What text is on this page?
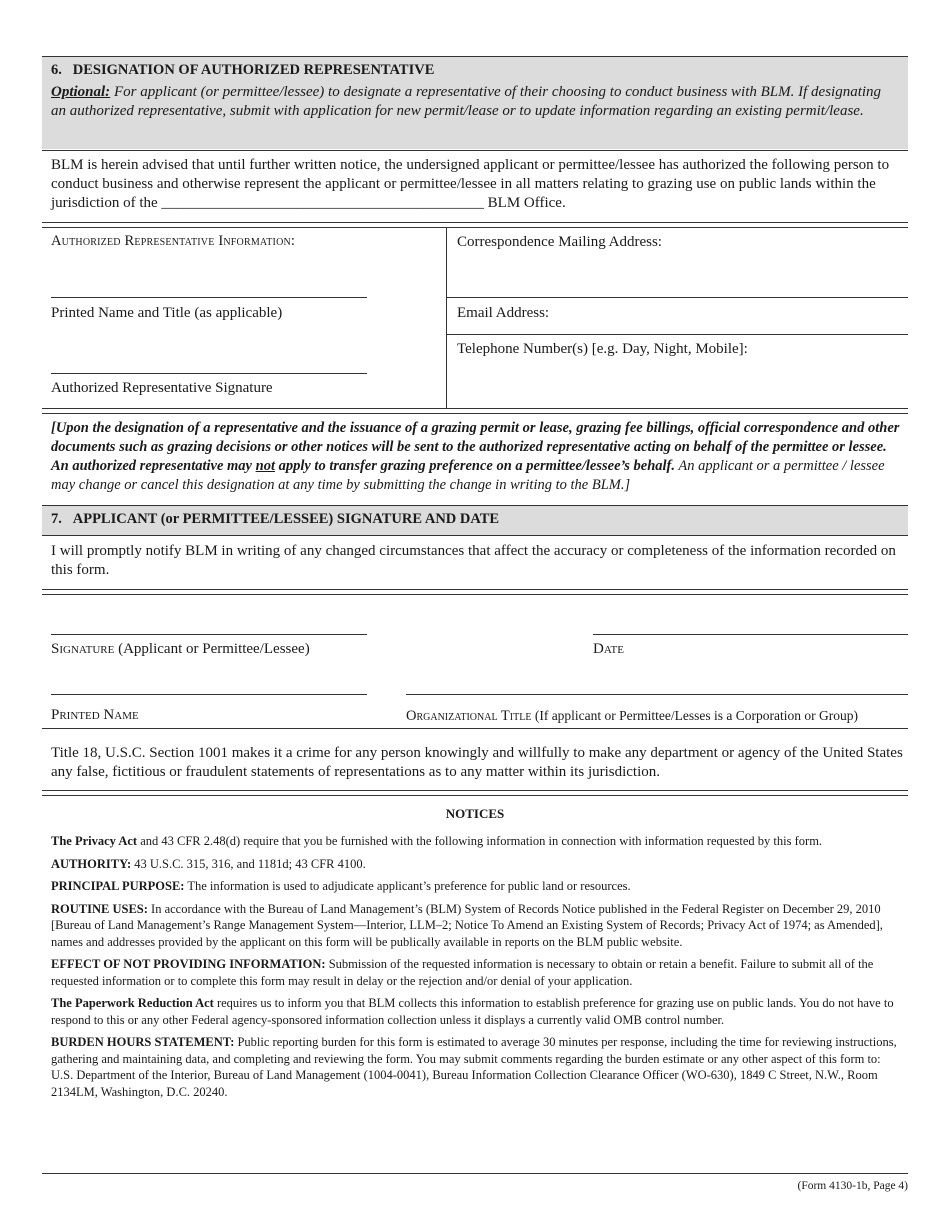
6. DESIGNATION OF AUTHORIZED REPRESENTATIVE
Optional: For applicant (or permittee/lessee) to designate a representative of their choosing to conduct business with BLM. If designating an authorized representative, submit with application for new permit/lease or to update information regarding an existing permit/lease.
BLM is herein advised that until further written notice, the undersigned applicant or permittee/lessee has authorized the following person to conduct business and otherwise represent the applicant or permittee/lessee in all matters relating to grazing use on public lands within the jurisdiction of the ___________________________________________ BLM Office.
Authorized Representative Information:
Printed Name and Title (as applicable)
Authorized Representative Signature
Correspondence Mailing Address:
Email Address:
Telephone Number(s) [e.g. Day, Night, Mobile]:
[Upon the designation of a representative and the issuance of a grazing permit or lease, grazing fee billings, official correspondence and other documents such as grazing decisions or other notices will be sent to the authorized representative acting on behalf of the permittee or lessee. An authorized representative may not apply to transfer grazing preference on a permittee/lessee’s behalf. An applicant or a permittee / lessee may change or cancel this designation at any time by submitting the change in writing to the BLM.]
7. APPLICANT (or PERMITTEE/LESSEE) SIGNATURE AND DATE
I will promptly notify BLM in writing of any changed circumstances that affect the accuracy or completeness of the information recorded on this form.
Signature (Applicant or Permittee/Lessee)	Date
Printed Name	Organizational Title (If applicant or Permittee/Lesses is a Corporation or Group)
Title 18, U.S.C. Section 1001 makes it a crime for any person knowingly and willfully to make any department or agency of the United States any false, fictitious or fraudulent statements of representations as to any matter within its jurisdiction.
NOTICES

The Privacy Act and 43 CFR 2.48(d) require that you be furnished with the following information in connection with information requested by this form.

AUTHORITY: 43 U.S.C. 315, 316, and 1181d; 43 CFR 4100.

PRINCIPAL PURPOSE: The information is used to adjudicate applicant’s preference for public land or resources.

ROUTINE USES: In accordance with the Bureau of Land Management’s (BLM) System of Records Notice published in the Federal Register on December 29, 2010 [Bureau of Land Management’s Range Management System—Interior, LLM–2; Notice To Amend an Existing System of Records; Privacy Act of 1974; as Amended], names and addresses provided by the applicant on this form will be publically available in reports on the BLM public website.

EFFECT OF NOT PROVIDING INFORMATION: Submission of the requested information is necessary to obtain or retain a benefit. Failure to submit all of the requested information or to complete this form may result in delay or the rejection and/or denial of your application.

The Paperwork Reduction Act requires us to inform you that BLM collects this information to establish preference for grazing use on public lands. You do not have to respond to this or any other Federal agency-sponsored information collection unless it displays a currently valid OMB control number.

BURDEN HOURS STATEMENT: Public reporting burden for this form is estimated to average 30 minutes per response, including the time for reviewing instructions, gathering and maintaining data, and completing and reviewing the form. You may submit comments regarding the burden estimate or any other aspect of this form to: U.S. Department of the Interior, Bureau of Land Management (1004-0041), Bureau Information Collection Clearance Officer (WO-630), 1849 C Street, N.W., Room 2134LM, Washington, D.C. 20240.

(Form 4130-1b, Page 4)
